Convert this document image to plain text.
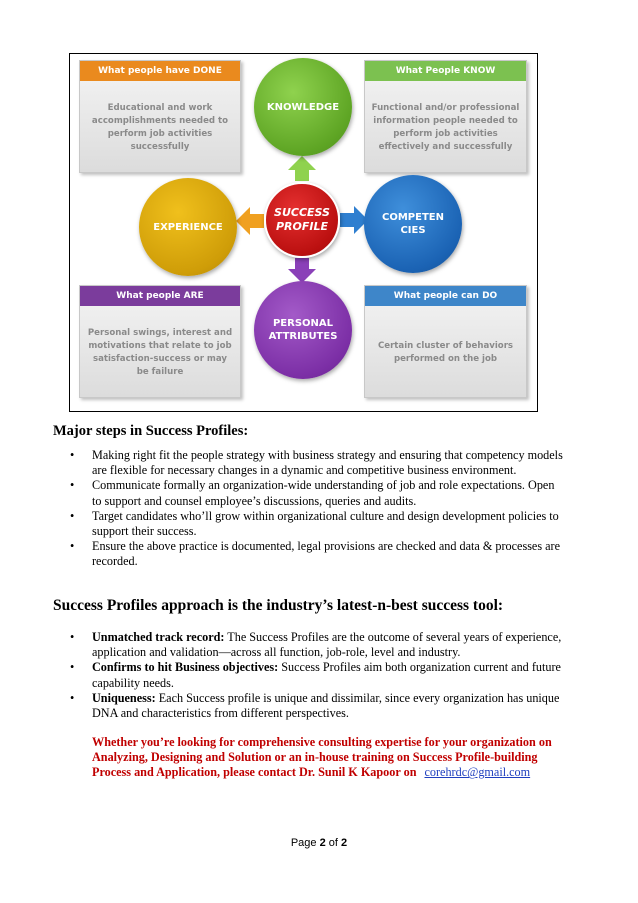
What people have DONE
Educational and work accomplishments needed to perform job activities successfully
What People KNOW
Functional and/or professional information people needed to perform job activities effectively and successfully
What people ARE
Personal swings, interest and motivations that relate to job satisfaction-success or may be failure
What people can DO
Certain cluster of behaviors performed on the job
KNOWLEDGE
EXPERIENCE
COMPETEN
CIES
PERSONAL
ATTRIBUTES
SUCCESS
PROFILE
Major steps in Success Profiles:
• Making right fit the people strategy with business strategy and ensuring that competency models are flexible for necessary changes in a dynamic and competitive business environment.
• Communicate formally an organization-wide understanding of job and role expectations. Open to support and counsel employee’s discussions, queries and audits.
• Target candidates who’ll grow within organizational culture and design development policies to support their success.
• Ensure the above practice is documented, legal provisions are checked and data & processes are recorded.
Success Profiles approach is the industry’s latest-n-best success tool:
• Unmatched track record: The Success Profiles are the outcome of several years of experience, application and validation—across all function, job-role, level and industry.
• Confirms to hit Business objectives: Success Profiles aim both organization current and future capability needs.
• Uniqueness: Each Success profile is unique and dissimilar, since every organization has unique DNA and characteristics from different perspectives.
Whether you’re looking for comprehensive consulting expertise for your organization on Analyzing, Designing and Solution or an in-house training on Success Profile-building Process and Application, please contact Dr. Sunil K Kapoor on corehrdc@gmail.com
Page 2 of 2
